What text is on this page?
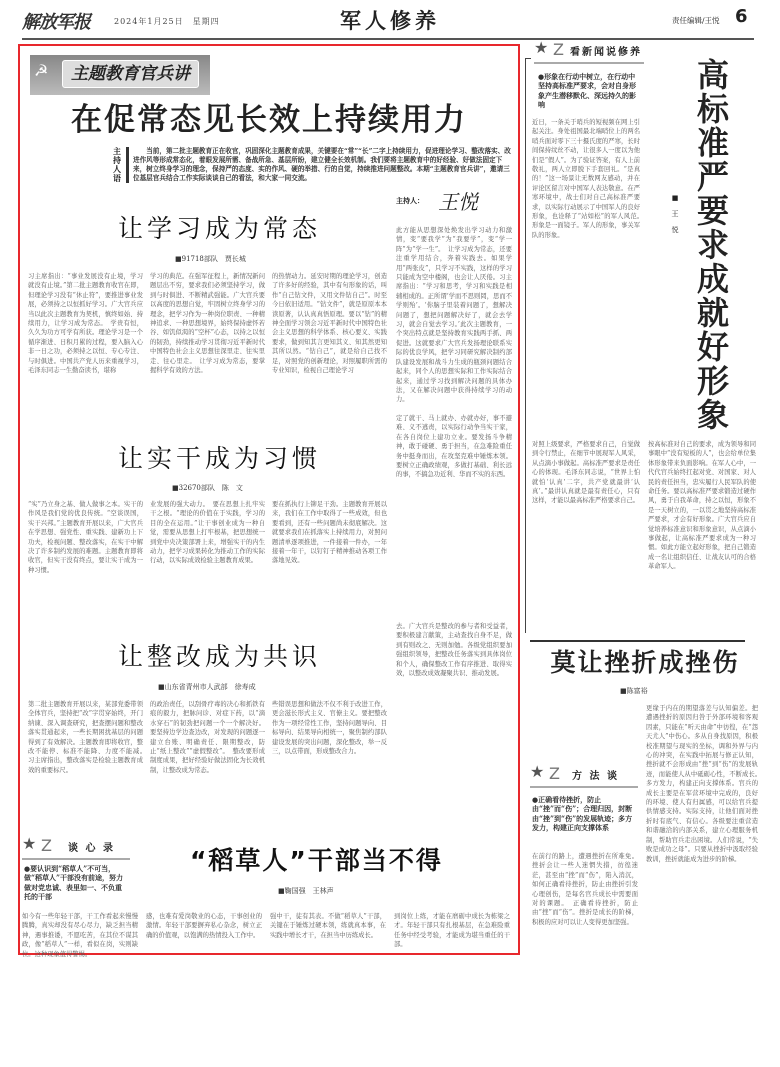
解放军报	2024年1月25日　星期四	军人修养	责任编辑/王悦 6
☭	主题教育官兵讲
在促常态见长效上持续用力
主持人语
当前，第二批主题教育正在收官，巩固深化主题教育成果，关键要在“常”“长”二字上持续用力，促进理论学习、整改落实、改进作风等形成常态化，着眼发展所需、备战所急、基层所盼，建立健全长效机制。我们要将主题教育中的好经验、好做法固定下来，树立终身学习的理念，保持严的态度、实的作风、硬的举措、行的自觉，持续推进问题整改。本期“主题教育官兵讲”，邀请三位基层官兵结合工作实际谈谈自己的看法，和大家一同交流。
主持人： 王悦
让学习成为常态
■91718部队　贾长城
习主席指出：“事业发展没有止境，学习就没有止境。”第二批主题教育收官在即，但理论学习没有“休止符”，要推进事业发展，必须持之以恒抓好学习。广大官兵应当以此次主题教育为契机，慎终如始、持续用力，让学习成为常态。　学贵有恒，久久为功方可学有所获。理论学习是一个循序渐进、日积月累的过程，要入脑入心非一日之功，必须持之以恒、专心专注、与时俱进。中国共产党人历来重视学习，毛泽东同志一生勤奋读书，堪称
学习的典范。在强军征程上，新情况新问题层出不穷，要求我们必须坚持学习，做到与时俱进、不断精武强能。广大官兵要以高度的思想自觉，牢固树立终身学习的理念，把学习作为一种岗位职责、一种精神追求、一种思想境界，始终保持虚怀若谷、如饥似渴的“空杯”心态，以持之以恒的韧劲，持续推动学习贯彻习近平新时代中国特色社会主义思想往深里走、往实里走、往心里走。　让学习成为常态，要掌握科学有效的方法。
的热情动力。延安时期的理论学习，创造了许多好的经验，其中有句形象的话，叫作“自己钻文件，又用文件钻自己”。时至今日依旧适用。“钻文件”，就是原原本本读原著，认认真真悟原理。要以“钻”的精神全面学习领会习近平新时代中国特色社会主义思想的科学体系、核心要义、实践要求，做到知其言更知其义、知其然更知其所以然。“钻自己”，就是给自己找不足，对照党的创新理论，对照履职所需的专业知识，检视自己理论学习
此方能从思想深处焕发出学习动力和激情，变“要我学”为“我要学”，变“学一阵”为“学一生”。　让学习成为常态，还要注重学用结合，奔着实践去。如果学用“两张皮”，只学习不实践，这样的学习只能成为空中楼阁，也会让人厌倦。习主席指出：“学习和思考，学习和实践是相辅相成的。正所谓‘学而不思则罔，思而不学则殆’。‘你脑子里装着问题了，想解决问题了，想把问题解决好了，就会去学习，就会自觉去学习。’此次主题教育，一个突出特点就是坚持教育实践两手抓、两促进。这就要求广大官兵发扬理论联系实际的优良学风，把学习同研究解决制约部队建设发展和战斗力生成的瓶颈问题结合起来，同个人的思想实际和工作实际结合起来，通过学习找到解决问题的具体办法，又在解决问题中获得持续学习的动力。
让实干成为习惯
■32670部队　陈　文
“实”乃立身之基、做人做事之本。实干的作风是我们党的优良传统。“空谈误国，实干兴邦。”主题教育开展以来，广大官兵在学思想、强党性、重实践、建新功上下功夫，检视问题、整改落实，在实干中解决了许多制约发展的难题。主题教育即将收官，但实干没有终点，要让实干成为一种习惯。
业发展的强大动力。　要在思想上扎牢实干之根。“理论的价值在于实践，学习的目的全在运用。”让干事创业成为一种自觉，需要从思想上打牢根基，把思想统一到党中央决策部署上来，增强实干的内生动力，把学习成果转化为推动工作的实际行动，以实际成效检验主题教育成果。
要在抓执行上铆足干劲。主题教育开展以来，我们在工作中取得了一些成效，但也要看到，还有一些问题尚未彻底解决。这就要求我们在抓落实上持续用力，对照问题清单逐项推进，一件接着一件办，一年接着一年干，以钉钉子精神推动各项工作落地见效。
定了就干、马上就办、办就办好，事不避难、义不逃责，以实际行动争当实干家，在各自岗位上建功立业。要发扬斗争精神，敢于碰硬、勇于担当，在急难险重任务中挺身而出，在攻坚克难中锤炼本领。要树立正确政绩观，多做打基础、利长远的事，不搞急功近利、华而不实的东西。
让整改成为共识
■山东省青州市人武部　徐寿成
第二批主题教育开展以来，某部党委带领全体官兵，坚持把“改”字贯穿始终，开门纳谏、深入调查研究，把查摆问题和整改落实贯通起来，一些长期困扰基层的问题得到了有效解决。主题教育即将收官，整改不能停、标准不能降、力度不能减。　习主席指出，整改落实是检验主题教育成效的重要标尺。
的政治责任，以刮骨疗毒的决心和抓铁有痕的毅力，把脉问诊、对症下药，以“滴水穿石”的韧劲把问题一个一个解决好。要坚持边学边查边改，对发现的问题逐一建立台账、明确责任、限期整改，防止“纸上整改”“虚假整改”。　整改要形成制度成果，把好经验好做法固化为长效机制，让整改成为常态。
些错误思想和做法不仅不利于改进工作，更会滋长形式主义、官僚主义。要把整改作为一项经常性工作，坚持问题导向、目标导向、结果导向相统一，聚焦制约部队建设发展的突出问题，深化整改，举一反三，以点带面，形成整改合力。
去。广大官兵是整改的参与者和受益者，要积极建言献策，主动查找自身不足，做到有则改之、无则加勉。各级党组织要加强组织领导，把整改任务落实到具体岗位和个人，确保整改工作有序推进、取得实效，以整改成效凝聚共识、推动发展。
★ Z 看新闻说修养
●形象在行动中树立，在行动中坚持高标准严要求，会对自身形象产生潜移默化、深远持久的影响
近日，一条关于哨兵的短视频在网上引起关注。身处祖国最北端哨位上的两名哨兵面对零下三十摄氏度的严寒，长时间保持纹丝不动，让很多人一度以为他们是“假人”。为了验证答案，有人上前敬礼，两人立即脱下手套回礼。“是真的！”这一场景让无数网友感动，并在评论区留言对中国军人表达敬意。在严寒环境中，战士们对自己高标准严要求，以实际行动展示了中国军人的良好形象，也诠释了“站如松”的军人风范。　形象是一面镜子。军人的形象，事关军队的形象。
高标准严要求成就好形象
■王悦
对照上级要求，严格要求自己，自觉做到令行禁止，在细节中展现军人风采，从点滴小事做起。高标准严要求是责任心的体现。毛泽东同志说，“世界上怕就怕‘认真’二字，共产党就最讲‘认真’。”最讲认真就是最有责任心，只有这样，才能以最高标准严格要求自己。
按高标准对自己的要求，成为领导和同事眼中“没有短板的人”，也会给单位集体形象带来负面影响。在军人心中，一代代官兵始终扛起对党、对国家、对人民的责任担当，忠实履行人民军队的使命任务。要以高标准严要求锻造过硬作风，勇于自我革命，持之以恒，形象不是一天树立的，一以贯之地坚持高标准严要求，才会有好形象。广大官兵应自觉培养标准意识和形象意识，从点滴小事做起，让高标准严要求成为一种习惯。如此方能立起好形象，把自己锻造成一名让组织信任、让战友认可的合格革命军人。
莫让挫折成挫伤
■陈富裕
★ Z 方 法 谈
●正确看待挫折，防止由“挫”而“伤”；合理归因，封断由“挫”到“伤”的发展轨迹；多方发力，构建正向支撑体系
在前行的路上，遭遇挫折在所难免。挫折会让一些人迷惘失措，彷徨迷茫，甚至由“挫”而“伤”，陷入消沉，如何正确看待挫折，防止由挫折引发心理创伤，是每名官兵成长中需要面对的课题。　正确看待挫折，防止由“挫”而“伤”。挫折是成长的阶梯，积极的应对可以让人变得更加坚强。
更缘于内在的期望落差与认知偏差。把遭遇挫折的原因归咎于外部环境和客观因素，只能在“听天由命”中彷徨，在“怨天尤人”中伤心。多从自身找原因，积极校准期望与现实的坐标，调和外界与内心的冲突，在实践中拓展与修正认知，挫折就不会形成由“挫”到“伤”的发展轨迹，而能使人从中砥砺心性，不断成长。　多方发力，构建正向支撑体系。官兵的成长主要是在军营环境中完成的，良好的环境、使人有归属感，可以给官兵提供情感支持。实际支持，让他们面对挫折时有底气、有信心。各级要注重营造和谐融洽的内部关系，建立心理服务机制，帮助官兵走出困境。人们常说，“失败是成功之母”。只要从挫折中汲取经验教训，挫折就能成为进步的阶梯。
★ Z 谈 心 录
●要认识到“稻草人”不可当，做“稻草人”干部没有前途，努力做对党忠诚、表里如一、不负重托的干部
“稻草人”干部当不得
■鞠国强　王林声
如今有一些年轻干部，干工作看起来慢慢腾腾，真实却没有尽心尽力，缺乏担当精神，遇事推诿，不愿吃苦，在其位不谋其政，像“稻草人”一样，看似在岗，实则缺位。这种现象值得警惕。
感，也难有爱岗敬业的心态，干事创业的激情。年轻干部要摒弃私心杂念，树立正确的价值观，以饱满的热情投入工作中。
强中干，徒有其表。不做“稻草人”干部，关键在于锤炼过硬本领，练就真本事，在实践中增长才干，在担当中历练成长。
到岗位上练，才能在磨砺中成长为栋梁之才。年轻干部只有扎根基层，在急难险重任务中经受考验，才能成为堪当重任的干部。
